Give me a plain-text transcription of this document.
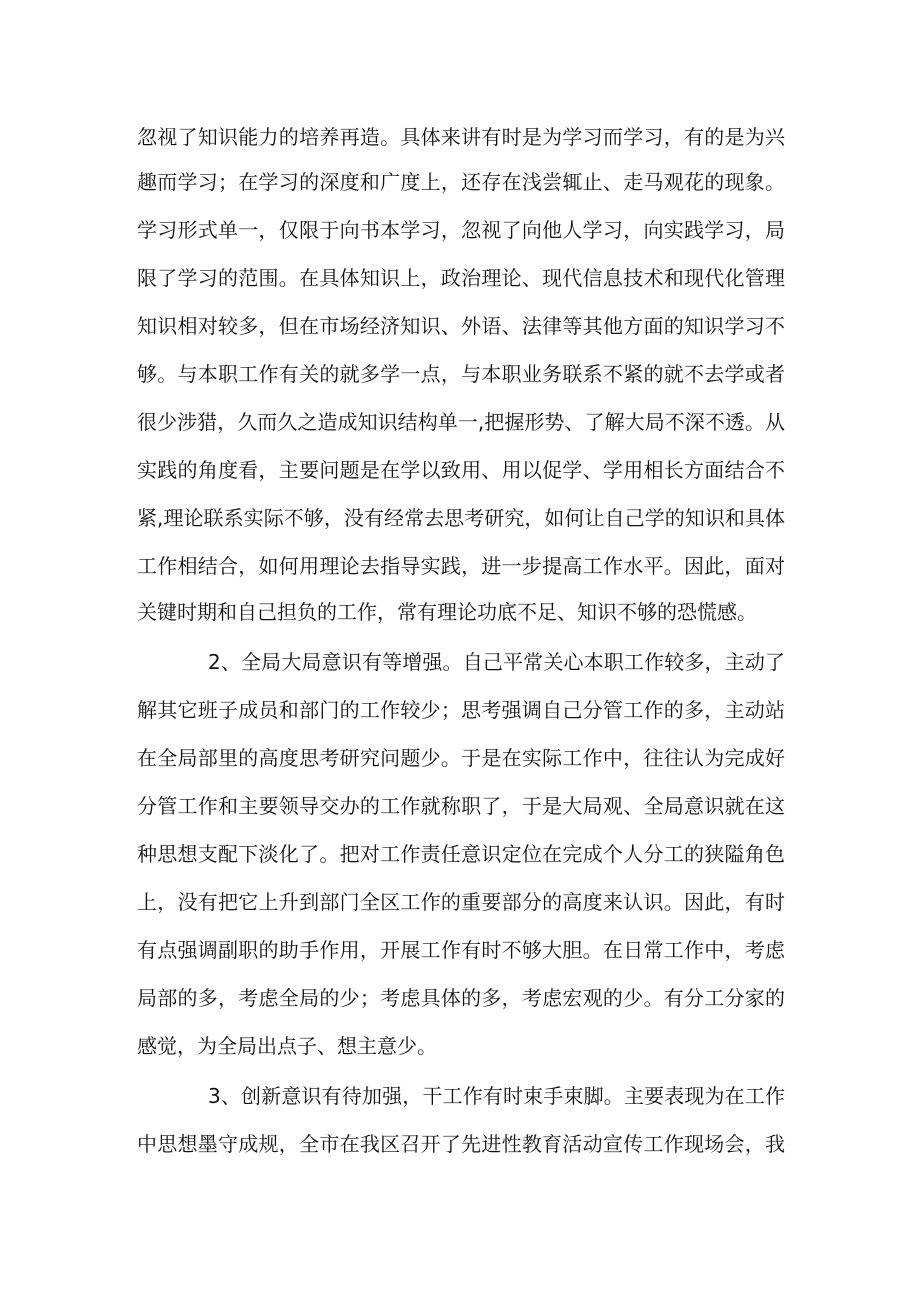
忽视了知识能力的培养再造。具体来讲有时是为学习而学习，有的是为兴
趣而学习；在学习的深度和广度上，还存在浅尝辄止、走马观花的现象。
学习形式单一，仅限于向书本学习，忽视了向他人学习，向实践学习，局
限了学习的范围。在具体知识上，政治理论、现代信息技术和现代化管理
知识相对较多，但在市场经济知识、外语、法律等其他方面的知识学习不
够。与本职工作有关的就多学一点，与本职业务联系不紧的就不去学或者
很少涉猎，久而久之造成知识结构单一,把握形势、了解大局不深不透。从
实践的角度看，主要问题是在学以致用、用以促学、学用相长方面结合不
紧,理论联系实际不够，没有经常去思考研究，如何让自己学的知识和具体
工作相结合，如何用理论去指导实践，进一步提高工作水平。因此，面对
关键时期和自己担负的工作，常有理论功底不足、知识不够的恐慌感。
2、全局大局意识有等增强。自己平常关心本职工作较多，主动了
解其它班子成员和部门的工作较少；思考强调自己分管工作的多，主动站
在全局部里的高度思考研究问题少。于是在实际工作中，往往认为完成好
分管工作和主要领导交办的工作就称职了，于是大局观、全局意识就在这
种思想支配下淡化了。把对工作责任意识定位在完成个人分工的狭隘角色
上，没有把它上升到部门全区工作的重要部分的高度来认识。因此，有时
有点强调副职的助手作用，开展工作有时不够大胆。在日常工作中，考虑
局部的多，考虑全局的少；考虑具体的多，考虑宏观的少。有分工分家的
感觉，为全局出点子、想主意少。
3、创新意识有待加强，干工作有时束手束脚。主要表现为在工作
中思想墨守成规，全市在我区召开了先进性教育活动宣传工作现场会，我
